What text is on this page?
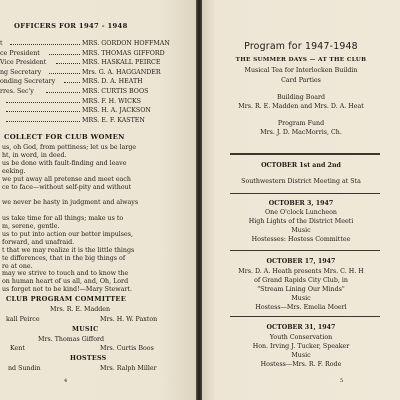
OFFICERS FOR 1947 - 1948
t	MRS. GORDON HOFFMAN
ce President	MRS. THOMAS GIFFORD
Vice President	MRS. HASKALL PEIRCE
ng Secretary	Mrs. G. A. HAGGANDER
onding Secretary	MRS. D. A. HEATH
rres. Sec'y	MRS. CURTIS BOOS
MRS. F. H. WICKS
MRS. H. A. JACKSON
MRS. E. F. KASTEN
COLLECT FOR CLUB WOMEN
us, oh God, from pettiness; let us be large
ht, in word, in deed.
us be done with fault-finding and leave
eeking.
we put away all pretense and meet each
ce to face—without self-pity and without
we never be hasty in judgment and always
us take time for all things; make us to
m, serene, gentle.
us to put into action our better impulses,
forward, and unafraid.
t that we may realize it is the little things
te differences, that in the big things of
re at one.
may we strive to touch and to know the
on human heart of us all, and, Oh, Lord
us forget not to be kind!—Mary Stewart.
CLUB PROGRAM COMMITTEE
Mrs. R. E. Madden
kall Peirce	Mrs. H. W. Paxton
MUSIC
Mrs. Thomas Gifford
Kent	Mrs. Curtis Boos
HOSTESS
nd Sundin	Mrs. Ralph Miller
4
Program for 1947-1948
THE SUMMER DAYS — AT THE CLUB
Musical Tea for Interlocken Buildin
Card Parties
Building Board
Mrs. R. E. Madden and Mrs. D. A. Heat
Program Fund
Mrs. J. D. MacMorris, Ch.
OCTOBER 1st and 2nd
Southwestern District Meeting at Sta
OCTOBER 3, 1947
One O'clock Luncheon
High Lights of the District Meeti
Music
Hostesses: Hostess Committee
OCTOBER 17, 1947
Mrs. D. A. Heath presents Mrs. C. H. H
of Grand Rapids City Club, in
"Stream Lining Our Minds"
Music
Hostess—Mrs. Emelia Moerl
OCTOBER 31, 1947
Youth Conservation
Hon. Irving J. Tucker, Speaker
Music
Hostess—Mrs. R. F. Rode
5
